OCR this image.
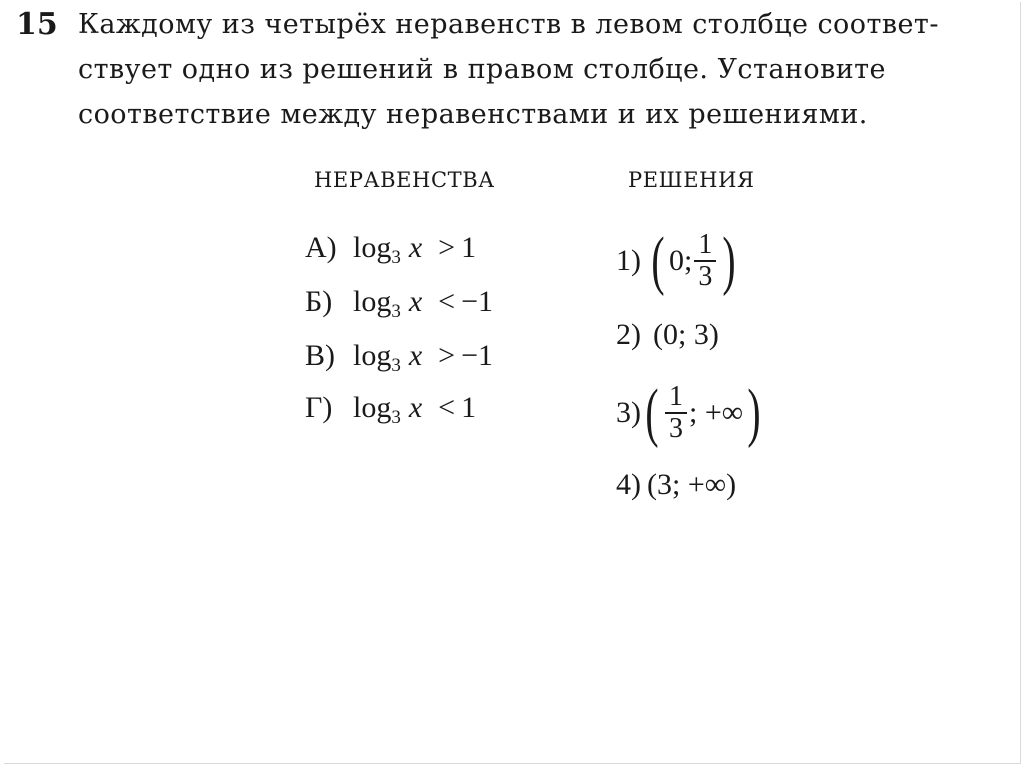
15 Каждому из четырёх неравенств в левом столбце соответ-
ствует одно из решений в правом столбце. Установите
соответствие между неравенствами и их решениями.
НЕРАВЕНСТВА	РЕШЕНИЯ
А) $\log_3 x > 1$
Б) $\log_3 x < -1$
В) $\log_3 x > -1$
Г) $\log_3 x < 1$
1) ( 0; $\frac{1}{3}$ )
2) (0; 3)
3) ( $\frac{1}{3}$ ; +∞ )
4) (3; +∞)
